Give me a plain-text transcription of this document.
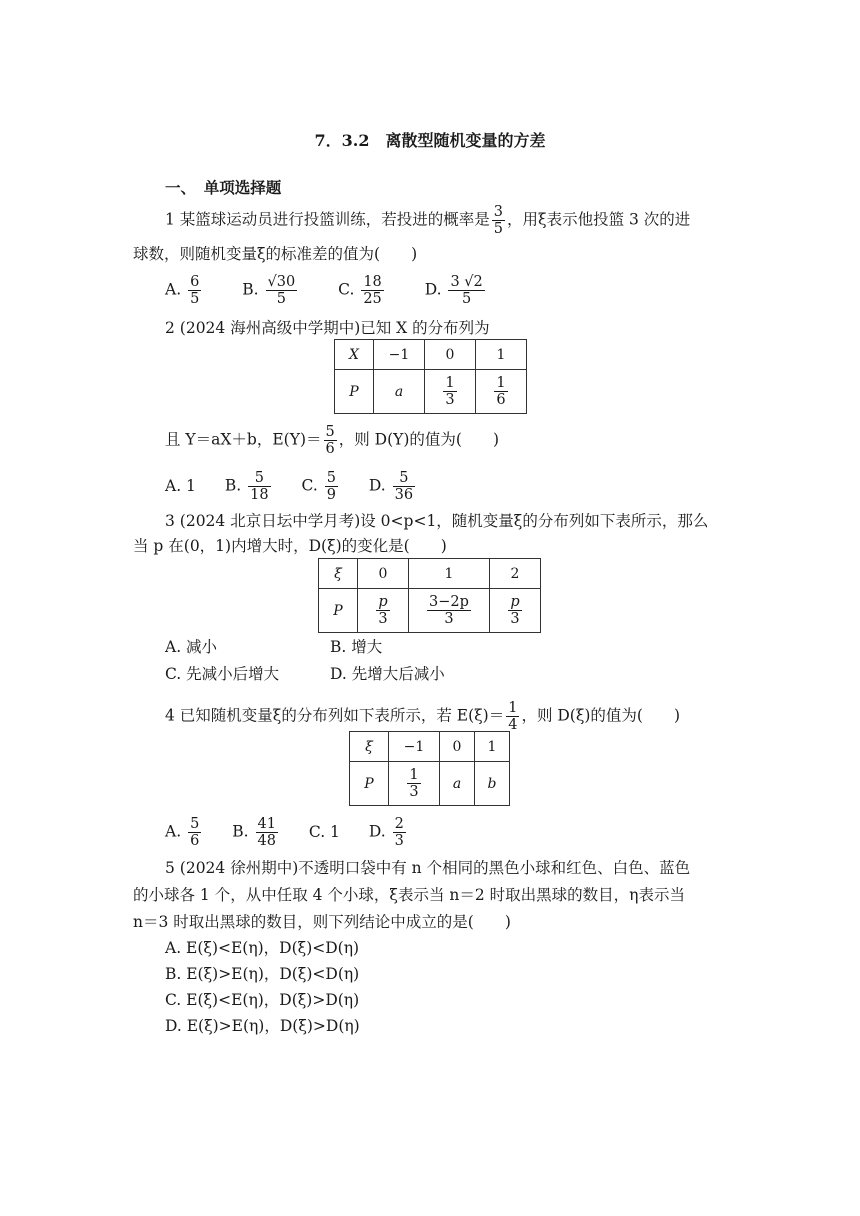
7．3.2　离散型随机变量的方差
一、　单项选择题
1 某篮球运动员进行投篮训练，若投进的概率是 $\frac{3}{5}$ ，用ξ表示他投篮 3 次的进
球数，则随机变量ξ的标准差的值为(　　)
A. $\frac{6}{5}$	B. $\frac{√30}{5}$	C. $\frac{18}{25}$	D. $\frac{3 √2}{5}$
2 (2024 海州高级中学期中)已知 X 的分布列为
X	−1	0	1
P	a	$\frac{1}{3}$	$\frac{1}{6}$
且 Y＝aX＋b，$E(Y)= \frac{5}{6}$ ，则 D(Y)的值为(　　)
A. 1 B. $\frac{5}{18} C$. $\frac{5}{9} D$. $\frac{5}{36}$
3 (2024 北京日坛中学月考)设 0<p<1，随机变量ξ的分布列如下表所示，那么
当 p 在(0，1)内增大时，D(ξ)的变化是(　　)
ξ	0	1	2
P	$\frac{p}{3}$	$\frac{3-2p}{3}$	$\frac{p}{3}$
A. 减小	B. 增大
C. 先减小后增大	D. 先增大后减小
4 已知随机变量ξ的分布列如下表所示，若 $E(\xi)= \frac{1}{4}$ ，则 D(ξ)的值为(　　)
ξ	−1	0	1
P	$\frac{1}{3}$	a	b
A. $\frac{5}{6} B$. $\frac{41}{48} C$. 1 D. $\frac{2}{3}$
5 (2024 徐州期中)不透明口袋中有 n 个相同的黑色小球和红色、白色、蓝色
的小球各 1 个，从中任取 4 个小球，ξ表示当 n＝2 时取出黑球的数目，η表示当
n＝3 时取出黑球的数目，则下列结论中成立的是(　　)
A. E(ξ)<E(η)，D(ξ)<D(η)
B. E(ξ)>E(η)，D(ξ)<D(η)
C. E(ξ)<E(η)，D(ξ)>D(η)
D. E(ξ)>E(η)，D(ξ)>D(η)
